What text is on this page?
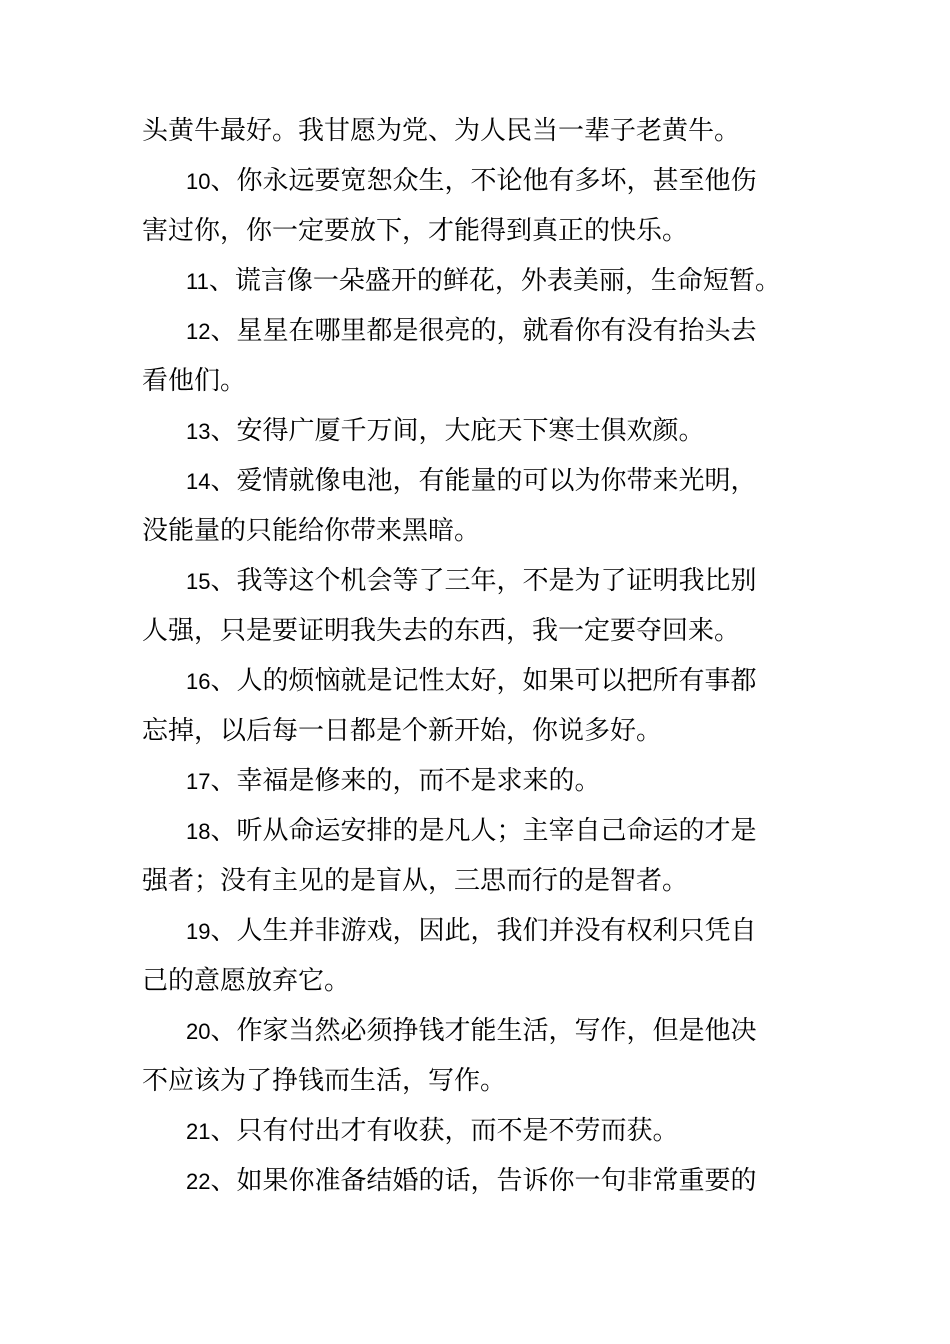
头黄牛最好。我甘愿为党、为人民当一辈子老黄牛。
10、你永远要宽恕众生，不论他有多坏，甚至他伤
害过你，你一定要放下，才能得到真正的快乐。
11、谎言像一朵盛开的鲜花，外表美丽，生命短暂。
12、星星在哪里都是很亮的，就看你有没有抬头去
看他们。
13、安得广厦千万间，大庇天下寒士俱欢颜。
14、爱情就像电池，有能量的可以为你带来光明，
没能量的只能给你带来黑暗。
15、我等这个机会等了三年，不是为了证明我比别
人强，只是要证明我失去的东西，我一定要夺回来。
16、人的烦恼就是记性太好，如果可以把所有事都
忘掉，以后每一日都是个新开始，你说多好。
17、幸福是修来的，而不是求来的。
18、听从命运安排的是凡人；主宰自己命运的才是
强者；没有主见的是盲从，三思而行的是智者。
19、人生并非游戏，因此，我们并没有权利只凭自
己的意愿放弃它。
20、作家当然必须挣钱才能生活，写作，但是他决
不应该为了挣钱而生活，写作。
21、只有付出才有收获，而不是不劳而获。
22、如果你准备结婚的话，告诉你一句非常重要的
